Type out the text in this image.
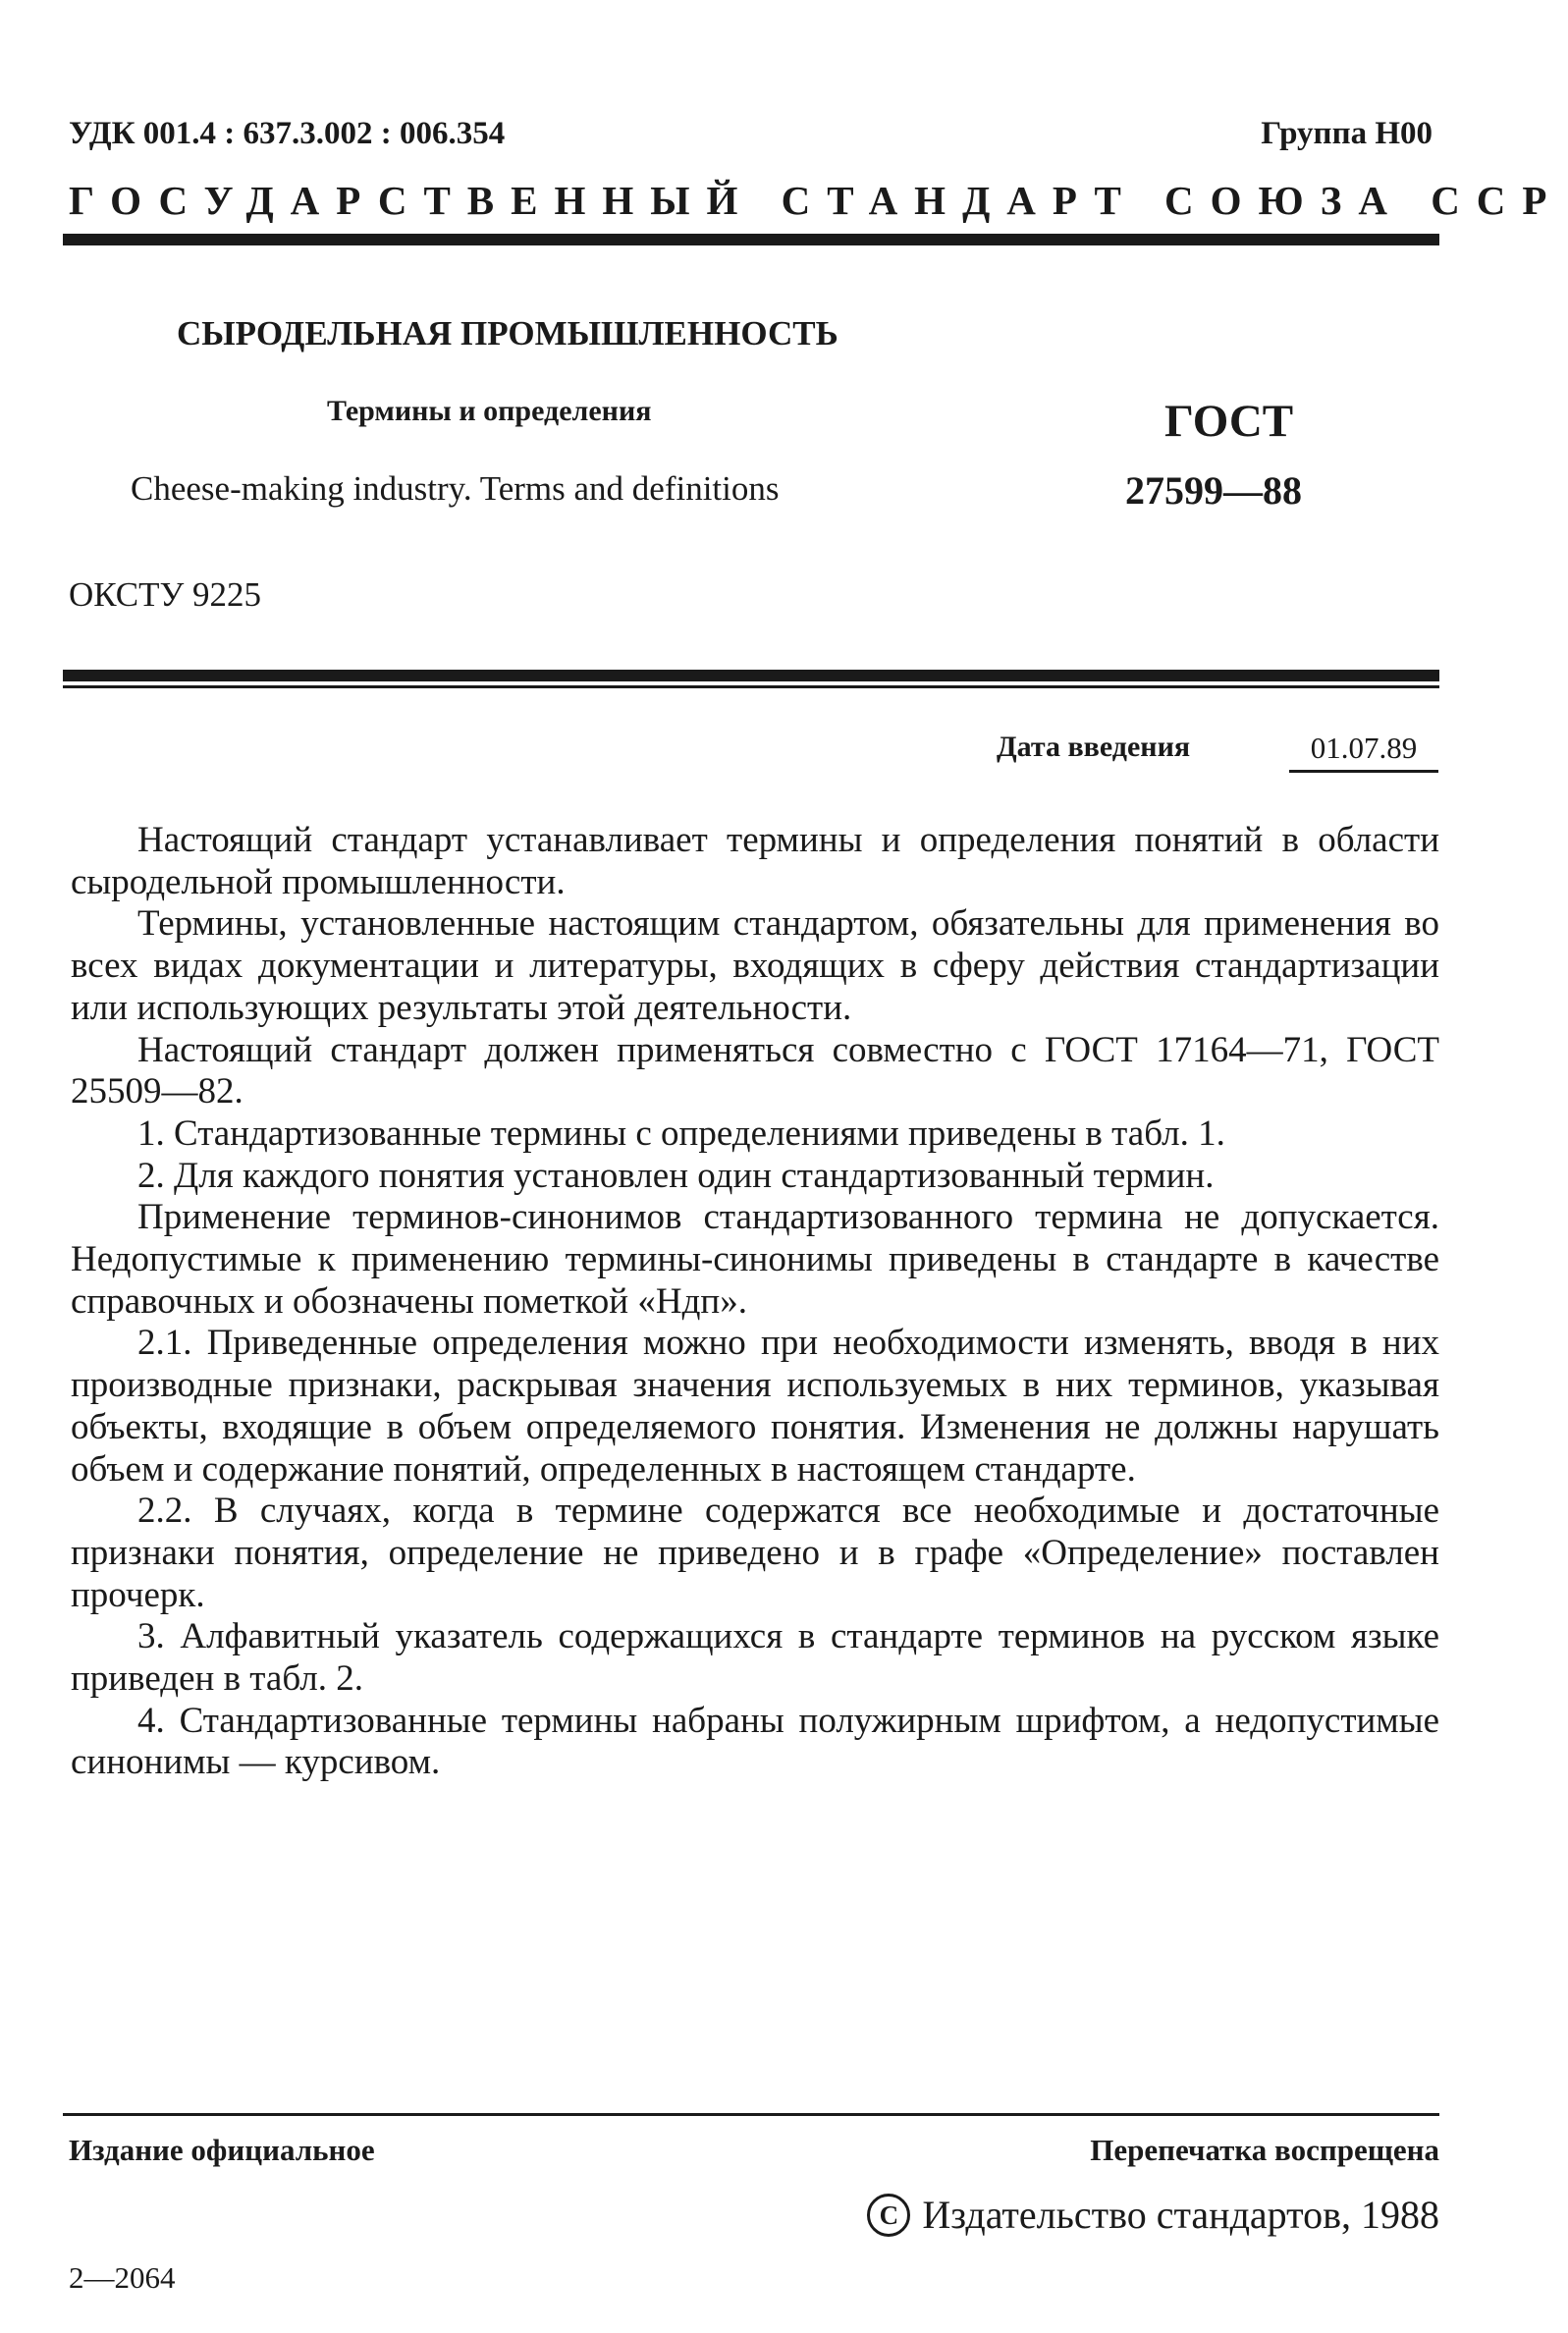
УДК 001.4 : 637.3.002 : 006.354	Группа Н00
ГОСУДАРСТВЕННЫЙ СТАНДАРТ СОЮЗА ССР
СЫРОДЕЛЬНАЯ ПРОМЫШЛЕННОСТЬ
Термины и определения
Cheese-making industry. Terms and definitions
ГОСТ
27599—88
ОКСТУ 9225
Дата введения	01.07.89

Настоящий стандарт устанавливает термины и определения понятий в области сыродельной промышленности.

Термины, установленные настоящим стандартом, обязательны для применения во всех видах документации и литературы, входящих в сферу действия стандартизации или использующих результаты этой деятельности.

Настоящий стандарт должен применяться совместно с ГОСТ 17164—71, ГОСТ 25509—82.

1. Стандартизованные термины с определениями приведены в табл. 1.

2. Для каждого понятия установлен один стандартизованный термин.

Применение терминов-синонимов стандартизованного термина не допускается. Недопустимые к применению термины-синонимы приведены в стандарте в качестве справочных и обозначены пометкой «Ндп».

2.1. Приведенные определения можно при необходимости изменять, вводя в них производные признаки, раскрывая значения используемых в них терминов, указывая объекты, входящие в объем определяемого понятия. Изменения не должны нарушать объем и содержание понятий, определенных в настоящем стандарте.

2.2. В случаях, когда в термине содержатся все необходимые и достаточные признаки понятия, определение не приведено и в графе «Определение» поставлен прочерк.

3. Алфавитный указатель содержащихся в стандарте терминов на русском языке приведен в табл. 2.

4. Стандартизованные термины набраны полужирным шрифтом, а недопустимые синонимы — курсивом.

Издание официальное	Перепечатка воспрещена
С Издательство стандартов, 1988
2—2064
